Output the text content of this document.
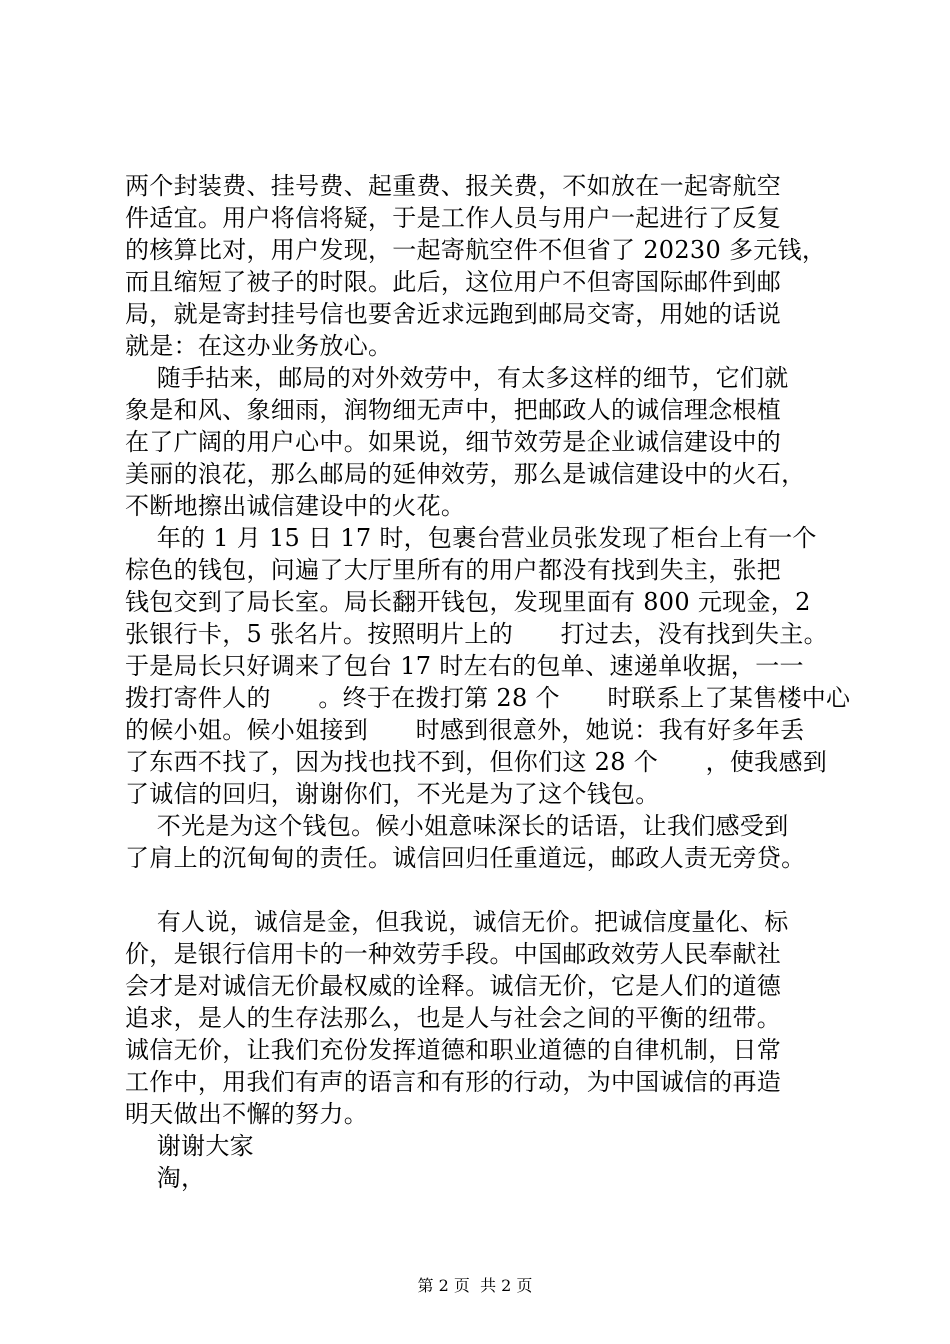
两个封装费、挂号费、起重费、报关费，不如放在一起寄航空
件适宜。用户将信将疑，于是工作人员与用户一起进行了反复
的核算比对，用户发现，一起寄航空件不但省了 20230 多元钱，
而且缩短了被子的时限。此后，这位用户不但寄国际邮件到邮
局，就是寄封挂号信也要舍近求远跑到邮局交寄，用她的话说
就是：在这办业务放心。
随手拈来，邮局的对外效劳中，有太多这样的细节，它们就
象是和风、象细雨，润物细无声中，把邮政人的诚信理念根植
在了广阔的用户心中。如果说，细节效劳是企业诚信建设中的
美丽的浪花，那么邮局的延伸效劳，那么是诚信建设中的火石，
不断地擦出诚信建设中的火花。
年的 1 月 15 日 17 时，包裹台营业员张发现了柜台上有一个
棕色的钱包，问遍了大厅里所有的用户都没有找到失主，张把
钱包交到了局长室。局长翻开钱包，发现里面有 800 元现金，2
张银行卡，5 张名片。按照明片上的      打过去，没有找到失主。
于是局长只好调来了包台 17 时左右的包单、速递单收据，一一
拨打寄件人的      。终于在拨打第 28 个      时联系上了某售楼中心
的候小姐。候小姐接到      时感到很意外，她说：我有好多年丢
了东西不找了，因为找也找不到，但你们这 28 个      ，使我感到
了诚信的回归，谢谢你们，不光是为了这个钱包。
不光是为这个钱包。候小姐意味深长的话语，让我们感受到
了肩上的沉甸甸的责任。诚信回归任重道远，邮政人责无旁贷。
有人说，诚信是金，但我说，诚信无价。把诚信度量化、标
价，是银行信用卡的一种效劳手段。中国邮政效劳人民奉献社
会才是对诚信无价最权威的诠释。诚信无价，它是人们的道德
追求，是人的生存法那么，也是人与社会之间的平衡的纽带。
诚信无价，让我们充份发挥道德和职业道德的自律机制，日常
工作中，用我们有声的语言和有形的行动，为中国诚信的再造
明天做出不懈的努力。
谢谢大家
淘，
第 2 页  共 2 页
